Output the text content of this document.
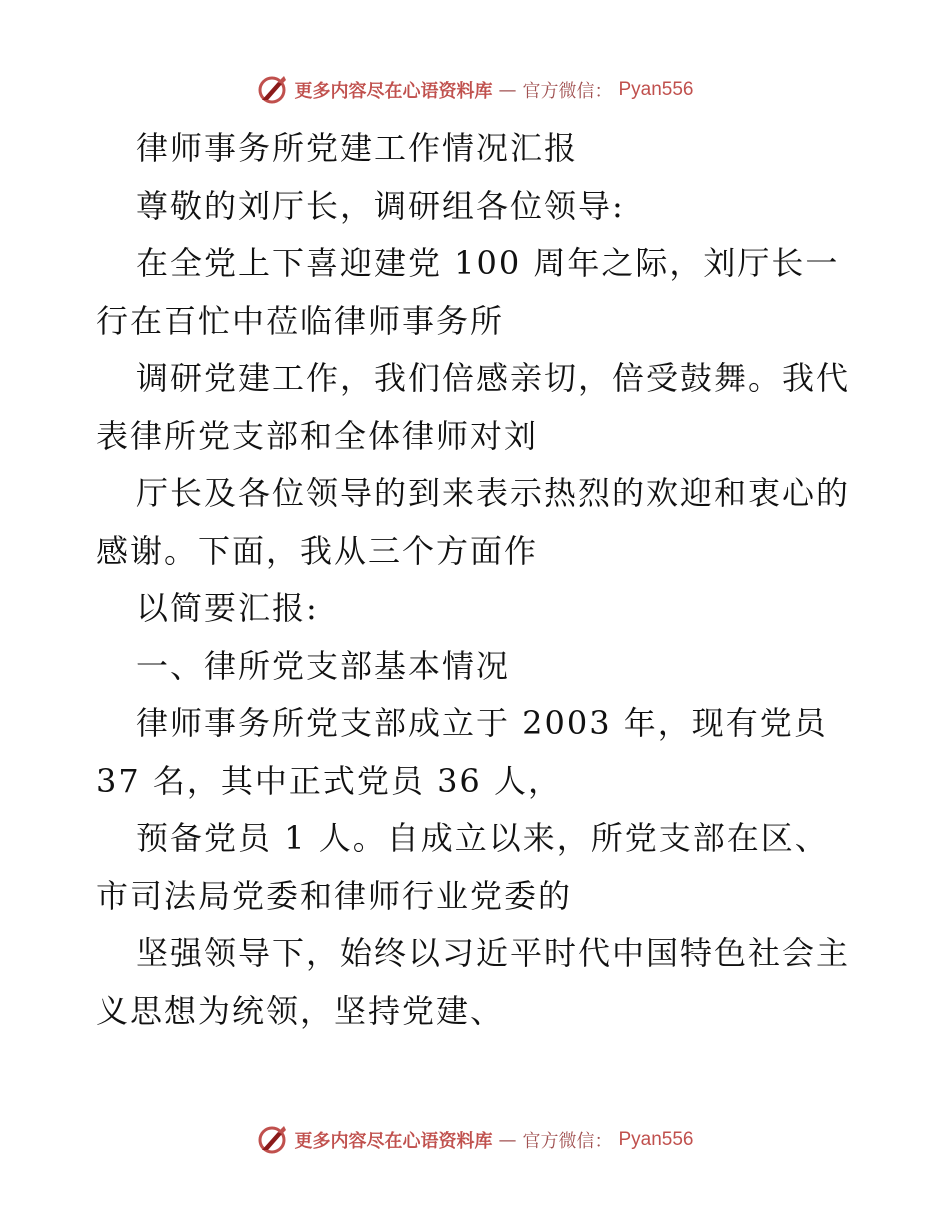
更多内容尽在心语资料库 — 官方微信： Pyan556
律师事务所党建工作情况汇报
尊敬的刘厅长，调研组各位领导:
在全党上下喜迎建党 100 周年之际，刘厅长一
行在百忙中莅临律师事务所
调研党建工作，我们倍感亲切，倍受鼓舞。我代
表律所党支部和全体律师对刘
厅长及各位领导的到来表示热烈的欢迎和衷心的
感谢。下面，我从三个方面作
以简要汇报:
一、律所党支部基本情况
律师事务所党支部成立于 2003 年，现有党员
37 名，其中正式党员 36 人，
预备党员 1 人。自成立以来，所党支部在区、
市司法局党委和律师行业党委的
坚强领导下，始终以习近平时代中国特色社会主
义思想为统领，坚持党建、
更多内容尽在心语资料库 — 官方微信： Pyan556
